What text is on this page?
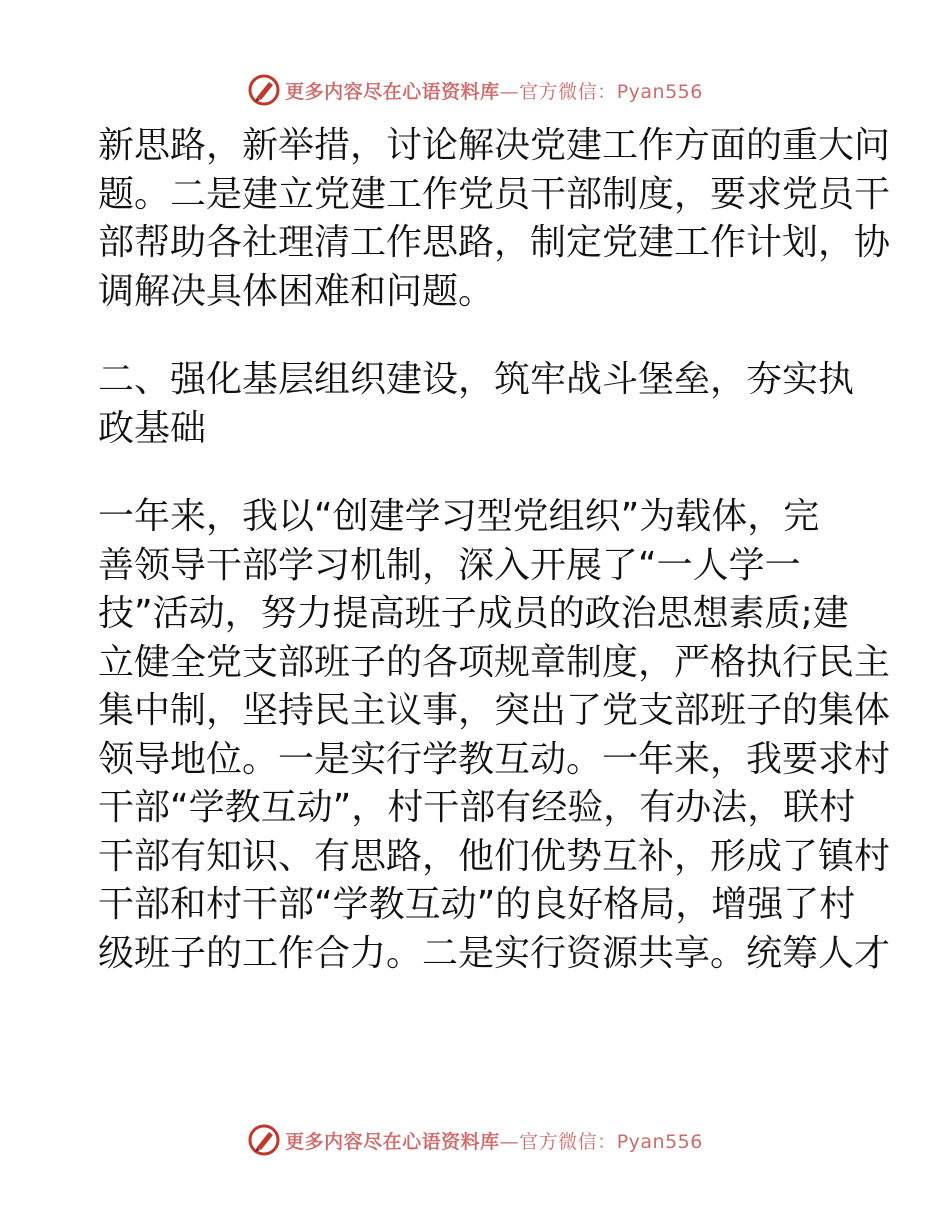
更多内容尽在心语资料库—官方微信：Pyan556
新思路，新举措，讨论解决党建工作方面的重大问
题。二是建立党建工作党员干部制度，要求党员干
部帮助各社理清工作思路，制定党建工作计划，协
调解决具体困难和问题。
二、强化基层组织建设，筑牢战斗堡垒，夯实执
政基础
一年来，我以“创建学习型党组织”为载体，完
善领导干部学习机制，深入开展了“一人学一
技”活动，努力提高班子成员的政治思想素质;建
立健全党支部班子的各项规章制度，严格执行民主
集中制，坚持民主议事，突出了党支部班子的集体
领导地位。一是实行学教互动。一年来，我要求村
干部“学教互动”，村干部有经验，有办法，联村
干部有知识、有思路，他们优势互补，形成了镇村
干部和村干部“学教互动”的良好格局，增强了村
级班子的工作合力。二是实行资源共享。统筹人才
更多内容尽在心语资料库—官方微信：Pyan556
